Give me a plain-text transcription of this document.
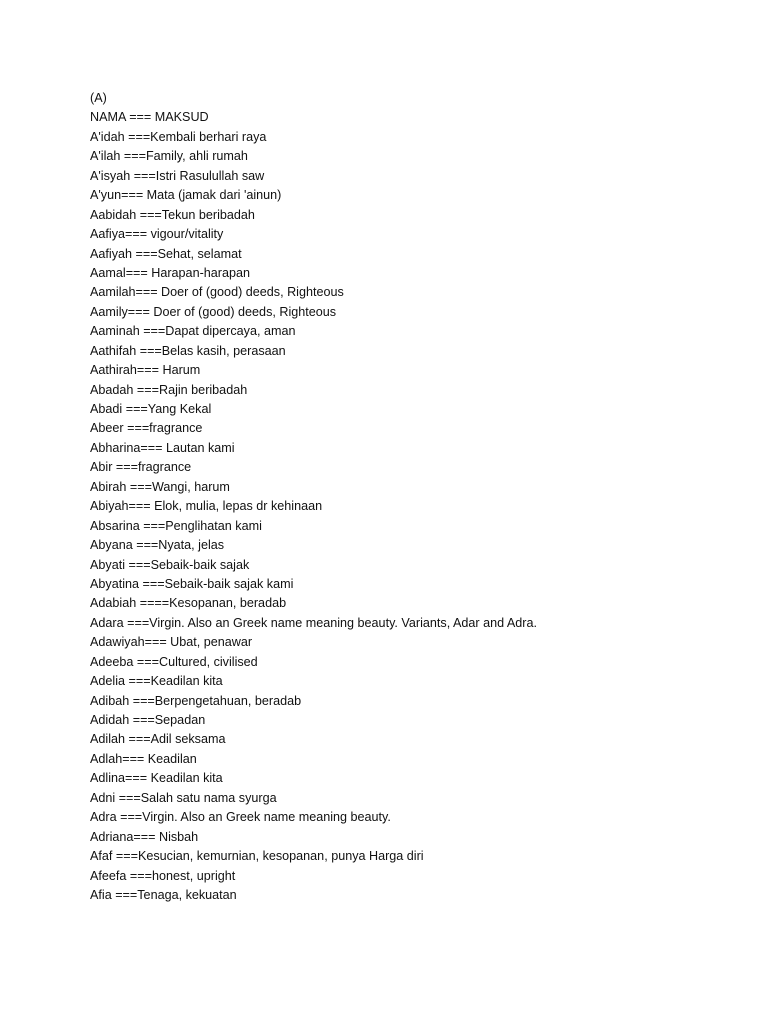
(A)
NAMA === MAKSUD
A'idah ===Kembali berhari raya
A'ilah ===Family, ahli rumah
A'isyah ===Istri Rasulullah saw
A'yun=== Mata (jamak dari 'ainun)
Aabidah ===Tekun beribadah
Aafiya=== vigour/vitality
Aafiyah ===Sehat, selamat
Aamal=== Harapan-harapan
Aamilah=== Doer of (good) deeds, Righteous
Aamily=== Doer of (good) deeds, Righteous
Aaminah ===Dapat dipercaya, aman
Aathifah ===Belas kasih, perasaan
Aathirah=== Harum
Abadah ===Rajin beribadah
Abadi ===Yang Kekal
Abeer ===fragrance
Abharina=== Lautan kami
Abir ===fragrance
Abirah ===Wangi, harum
Abiyah=== Elok, mulia, lepas dr kehinaan
Absarina ===Penglihatan kami
Abyana ===Nyata, jelas
Abyati ===Sebaik-baik sajak
Abyatina ===Sebaik-baik sajak kami
Adabiah ====Kesopanan, beradab
Adara ===Virgin. Also an Greek name meaning beauty. Variants, Adar and Adra.
Adawiyah=== Ubat, penawar
Adeeba ===Cultured, civilised
Adelia ===Keadilan kita
Adibah ===Berpengetahuan, beradab
Adidah ===Sepadan
Adilah ===Adil seksama
Adlah=== Keadilan
Adlina=== Keadilan kita
Adni ===Salah satu nama syurga
Adra ===Virgin. Also an Greek name meaning beauty.
Adriana=== Nisbah
Afaf ===Kesucian, kemurnian, kesopanan, punya Harga diri
Afeefa ===honest, upright
Afia ===Tenaga, kekuatan
